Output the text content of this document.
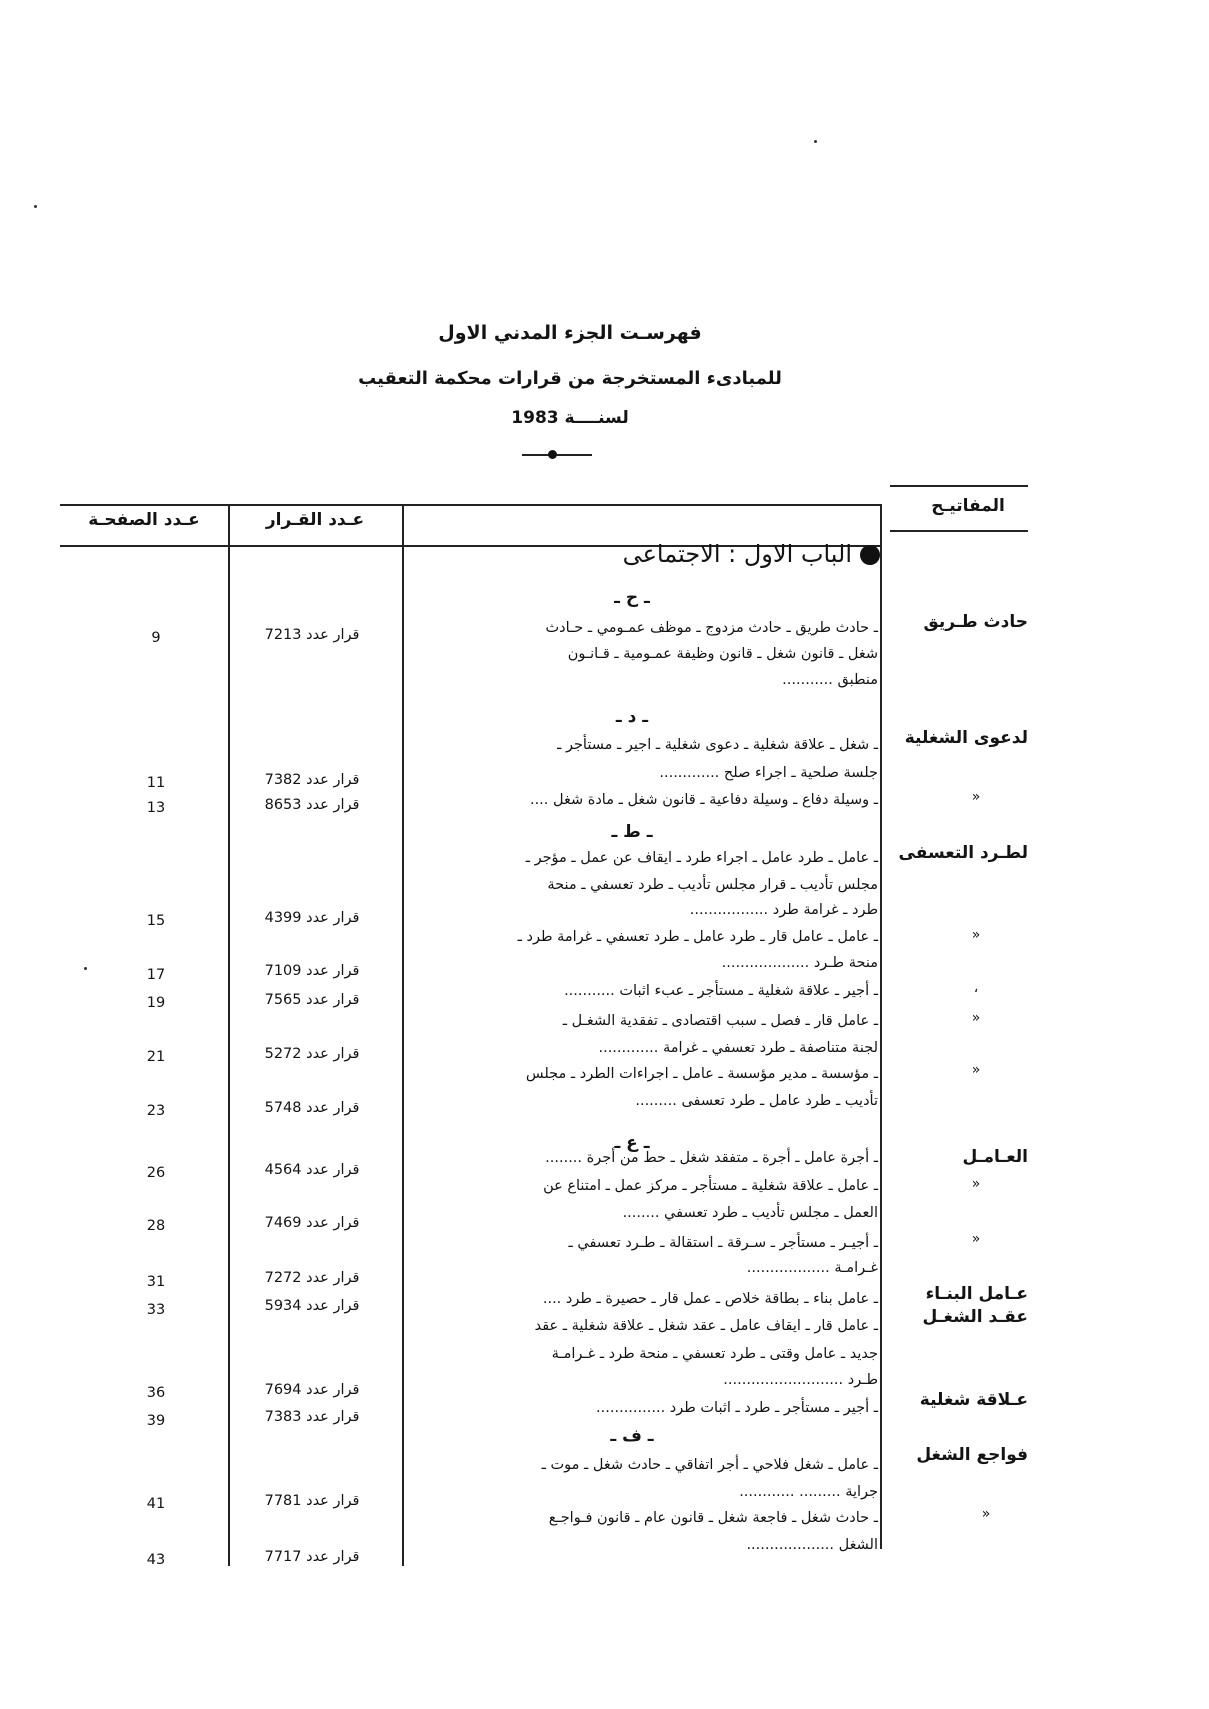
فهرسـت الجزء المدني الاول
للمبادىء المستخرجة من قرارات محكمة التعقيب
لسنــــة 1983
المفاتيـح
عـدد القـرار
عـدد الصفحـة
الباب الاول : الاجتماعى
ـ ح ـ
ـ د ـ
ـ ط ـ
ـ ع ـ
ـ ف ـ
حادث طـريق
لدعوى الشغلية
»
لطـرد التعسفى
»
،
»
»
العـامـل
»
»
عـامل البنـاء
عقـد الشغـل
عـلاقة شغلية
فواجع الشغل
»
ـ حادث طريق ـ حادث مزدوج ـ موظف عمـومي ـ حـادث
شغل ـ قانون شغل ـ قانون وظيفة عمـومية ـ قـانـون
منطبق ...........
ـ شغل ـ علاقة شغلية ـ دعوى شغلية ـ اجير ـ مستأجر ـ
جلسة صلحية ـ اجراء صلح .............
ـ وسيلة دفاع ـ وسيلة دفاعية ـ قانون شغل ـ مادة شغل ....
ـ عامل ـ طرد عامل ـ اجراء طرد ـ ايقاف عن عمل ـ مؤجر ـ
مجلس تأديب ـ قرار مجلس تأديب ـ طرد تعسفي ـ منحة
طرد ـ غرامة طرد .................
ـ عامل ـ عامل قار ـ طرد عامل ـ طرد تعسفي ـ غرامة طرد ـ
منحة طـرد ...................
ـ أجير ـ علاقة شغلية ـ مستأجر ـ عبء اثبات ...........
ـ عامل قار ـ فصل ـ سبب اقتصادى ـ تفقدية الشغـل ـ
لجنة متناصفة ـ طرد تعسفي ـ غرامة .............
ـ مؤسسة ـ مدير مؤسسة ـ عامل ـ اجراءات الطرد ـ مجلس
تأديب ـ طرد عامل ـ طرد تعسفى .........
ـ أجرة عامل ـ أجرة ـ متفقد شغل ـ حط من أجرة ........
ـ عامل ـ علاقة شغلية ـ مستأجر ـ مركز عمل ـ امتناع عن
العمل ـ مجلس تأديب ـ طرد تعسفي ........
ـ أجيـر ـ مستأجر ـ سـرقة ـ استقالة ـ طـرد تعسفي ـ
غـرامـة ..................
ـ عامل بناء ـ بطاقة خلاص ـ عمل قار ـ حصيرة ـ طرد ....
ـ عامل قار ـ ايقاف عامل ـ عقد شغل ـ علاقة شغلية ـ عقد
جديد ـ عامل وقتى ـ طرد تعسفي ـ منحة طرد ـ غـرامـة
طـرد ..........................
ـ أجير ـ مستأجر ـ طرد ـ اثبات طرد ...............
ـ عامل ـ شغل فلاحي ـ أجر اتفاقي ـ حادث شغل ـ موت ـ
جراية ......... ............
ـ حادث شغل ـ فاجعة شغل ـ قانون عام ـ قانون فـواجـع
الشغل ...................
قرار عدد 7213
قرار عدد 7382
قرار عدد 8653
قرار عدد 4399
قرار عدد 7109
قرار عدد 7565
قرار عدد 5272
قرار عدد 5748
قرار عدد 4564
قرار عدد 7469
قرار عدد 7272
قرار عدد 5934
قرار عدد 7694
قرار عدد 7383
قرار عدد 7781
قرار عدد 7717
9
11
13
15
17
19
21
23
26
28
31
33
36
39
41
43
